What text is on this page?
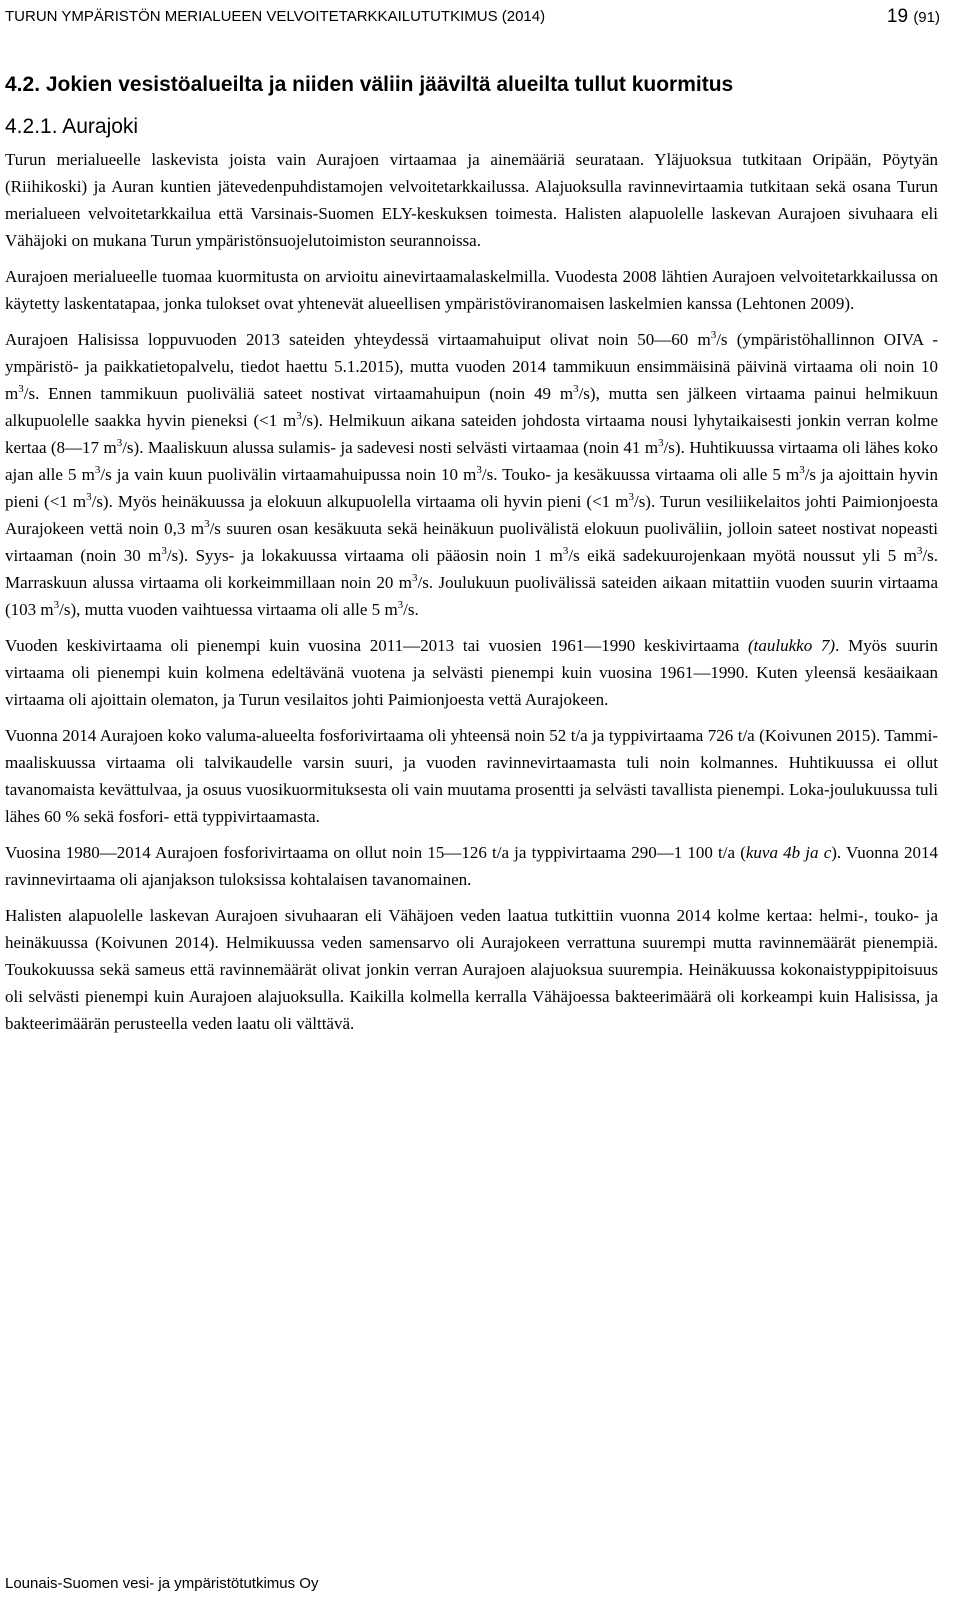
TURUN YMPÄRISTÖN MERIALUEEN VELVOITETARKKAILUTUTKIMUS (2014)	19 (91)
4.2. Jokien vesistöalueilta ja niiden väliin jääviltä alueilta tullut kuormitus
4.2.1. Aurajoki

Turun merialueelle laskevista joista vain Aurajoen virtaamaa ja ainemääriä seurataan. Yläjuoksua tutkitaan Oripään, Pöytyän (Riihikoski) ja Auran kuntien jätevedenpuhdistamojen velvoitetarkkailussa. Alajuoksulla ravinnevirtaamia tutkitaan sekä osana Turun merialueen velvoitetarkkailua että Varsinais-Suomen ELY-keskuksen toimesta. Halisten alapuolelle laskevan Aurajoen sivuhaara eli Vähäjoki on mukana Turun ympäristönsuojelutoimiston seurannoissa.

Aurajoen merialueelle tuomaa kuormitusta on arvioitu ainevirtaamalaskelmilla. Vuodesta 2008 lähtien Aurajoen velvoitetarkkailussa on käytetty laskentatapaa, jonka tulokset ovat yhtenevät alueellisen ympäristöviranomaisen laskelmien kanssa (Lehtonen 2009).

Aurajoen Halisissa loppuvuoden 2013 sateiden yhteydessä virtaamahuiput olivat noin 50—60 $m^3/s$ (ympäristöhallinnon OIVA -ympäristö- ja paikkatietopalvelu, tiedot haettu 5.1.2015), mutta vuoden 2014 tammikuun ensimmäisinä päivinä virtaama oli noin 10 $m^3/s$. Ennen tammikuun puoliväliä sateet nostivat virtaamahuipun (noin 49 $m^3/s$), mutta sen jälkeen virtaama painui helmikuun alkupuolelle saakka hyvin pieneksi (<1 $m^3/s$). Helmikuun aikana sateiden johdosta virtaama nousi lyhytaikaisesti jonkin verran kolme kertaa (8—17 $m^3/s$). Maaliskuun alussa sulamis- ja sadevesi nosti selvästi virtaamaa (noin 41 $m^3/s$). Huhtikuussa virtaama oli lähes koko ajan alle 5 $m^3/s$ ja vain kuun puolivälin virtaamahuipussa noin 10 $m^3/s$. Touko- ja kesäkuussa virtaama oli alle 5 $m^3/s$ ja ajoittain hyvin pieni (<1 $m^3/s$). Myös heinäkuussa ja elokuun alkupuolella virtaama oli hyvin pieni (<1 $m^3/s$). Turun vesiliikelaitos johti Paimionjoesta Aurajokeen vettä noin 0,3 $m^3/s$ suuren osan kesäkuuta sekä heinäkuun puolivälistä elokuun puoliväliin, jolloin sateet nostivat nopeasti virtaaman (noin 30 $m^3/s$). Syys- ja lokakuussa virtaama oli pääosin noin 1 $m^3/s$ eikä sadekuurojenkaan myötä noussut yli 5 $m^3/s$. Marraskuun alussa virtaama oli korkeimmillaan noin 20 $m^3/s$. Joulukuun puolivälissä sateiden aikaan mitattiin vuoden suurin virtaama (103 $m^3/s$), mutta vuoden vaihtuessa virtaama oli alle 5 $m^3/s$.

Vuoden keskivirtaama oli pienempi kuin vuosina 2011—2013 tai vuosien 1961—1990 keskivirtaama (taulukko 7). Myös suurin virtaama oli pienempi kuin kolmena edeltävänä vuotena ja selvästi pienempi kuin vuosina 1961—1990. Kuten yleensä kesäaikaan virtaama oli ajoittain olematon, ja Turun vesilaitos johti Paimionjoesta vettä Aurajokeen.

Vuonna 2014 Aurajoen koko valuma-alueelta fosforivirtaama oli yhteensä noin 52 t/a ja typpivirtaama 726 t/a (Koivunen 2015). Tammi-maaliskuussa virtaama oli talvikaudelle varsin suuri, ja vuoden ravinnevirtaamasta tuli noin kolmannes. Huhtikuussa ei ollut tavanomaista kevättulvaa, ja osuus vuosikuormituksesta oli vain muutama prosentti ja selvästi tavallista pienempi. Loka-joulukuussa tuli lähes 60 % sekä fosfori- että typpivirtaamasta.

Vuosina 1980—2014 Aurajoen fosforivirtaama on ollut noin 15—126 t/a ja typpivirtaama 290—1 100 t/a (kuva 4b ja c). Vuonna 2014 ravinnevirtaama oli ajanjakson tuloksissa kohtalaisen tavanomainen.

Halisten alapuolelle laskevan Aurajoen sivuhaaran eli Vähäjoen veden laatua tutkittiin vuonna 2014 kolme kertaa: helmi-, touko- ja heinäkuussa (Koivunen 2014). Helmikuussa veden samensarvo oli Aurajokeen verrattuna suurempi mutta ravinnemäärät pienempiä. Toukokuussa sekä sameus että ravinnemäärät olivat jonkin verran Aurajoen alajuoksua suurempia. Heinäkuussa kokonaistyppipitoisuus oli selvästi pienempi kuin Aurajoen alajuoksulla. Kaikilla kolmella kerralla Vähäjoessa bakteerimäärä oli korkeampi kuin Halisissa, ja bakteerimäärän perusteella veden laatu oli välttävä.

Lounais-Suomen vesi- ja ympäristötutkimus Oy
